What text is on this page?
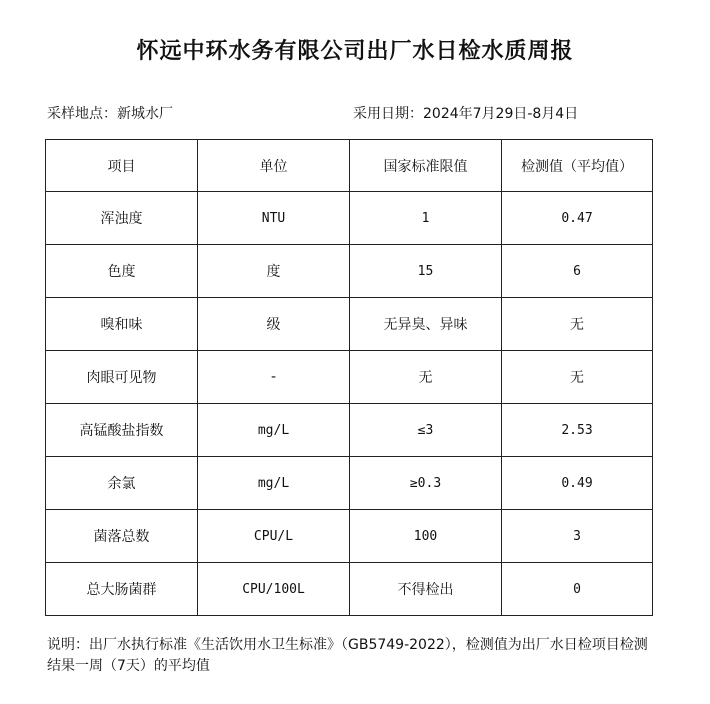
怀远中环水务有限公司出厂水日检水质周报
采样地点：新城水厂	采用日期：2024年7月29日-8月4日
项目	单位	国家标准限值	检测值（平均值）
浑浊度	NTU	1	0.47
色度	度	15	6
嗅和味	级	无异臭、异味	无
肉眼可见物	-	无	无
高锰酸盐指数	mg/L	≤3	2.53
余氯	mg/L	≥0.3	0.49
菌落总数	CPU/L	100	3
总大肠菌群	CPU/100L	不得检出	0
说明：出厂水执行标准《生活饮用水卫生标准》（GB5749-2022），检测值为出厂水日检项目检测结果一周（7天）的平均值
